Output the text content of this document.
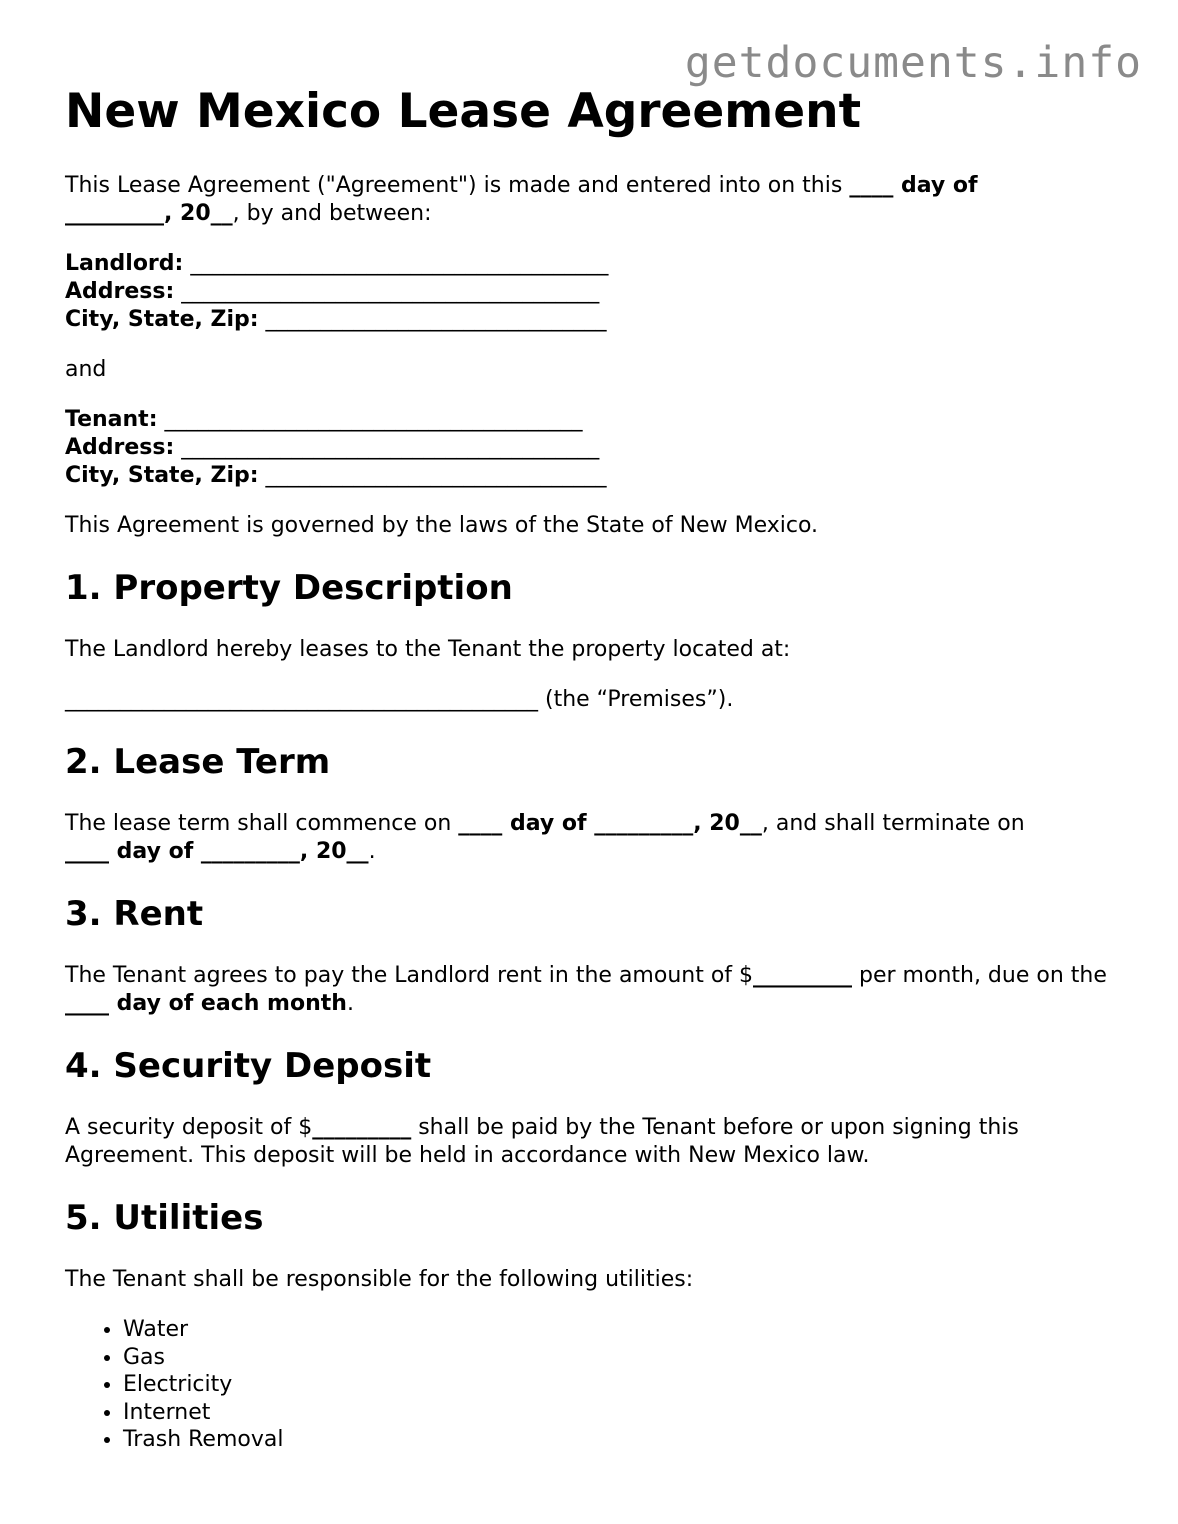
getdocuments.info
New Mexico Lease Agreement

This Lease Agreement ("Agreement") is made and entered into on this ____ day of
_________, 20__, by and between:

Landlord: ______________________________________

Address: ______________________________________

City, State, Zip: _______________________________

and

Tenant: ______________________________________

Address: ______________________________________

City, State, Zip: _______________________________

This Agreement is governed by the laws of the State of New Mexico.

1. Property Description

The Landlord hereby leases to the Tenant the property located at:

___________________________________________ (the “Premises”).

2. Lease Term

The lease term shall commence on ____ day of _________, 20__, and shall terminate on
____ day of _________, 20__.

3. Rent

The Tenant agrees to pay the Landlord rent in the amount of $_________ per month, due on the ____ day of each month.

4. Security Deposit

A security deposit of $_________ shall be paid by the Tenant before or upon signing this Agreement. This deposit will be held in accordance with New Mexico law.

5. Utilities

The Tenant shall be responsible for the following utilities:

• Water
• Gas
• Electricity
• Internet
• Trash Removal
